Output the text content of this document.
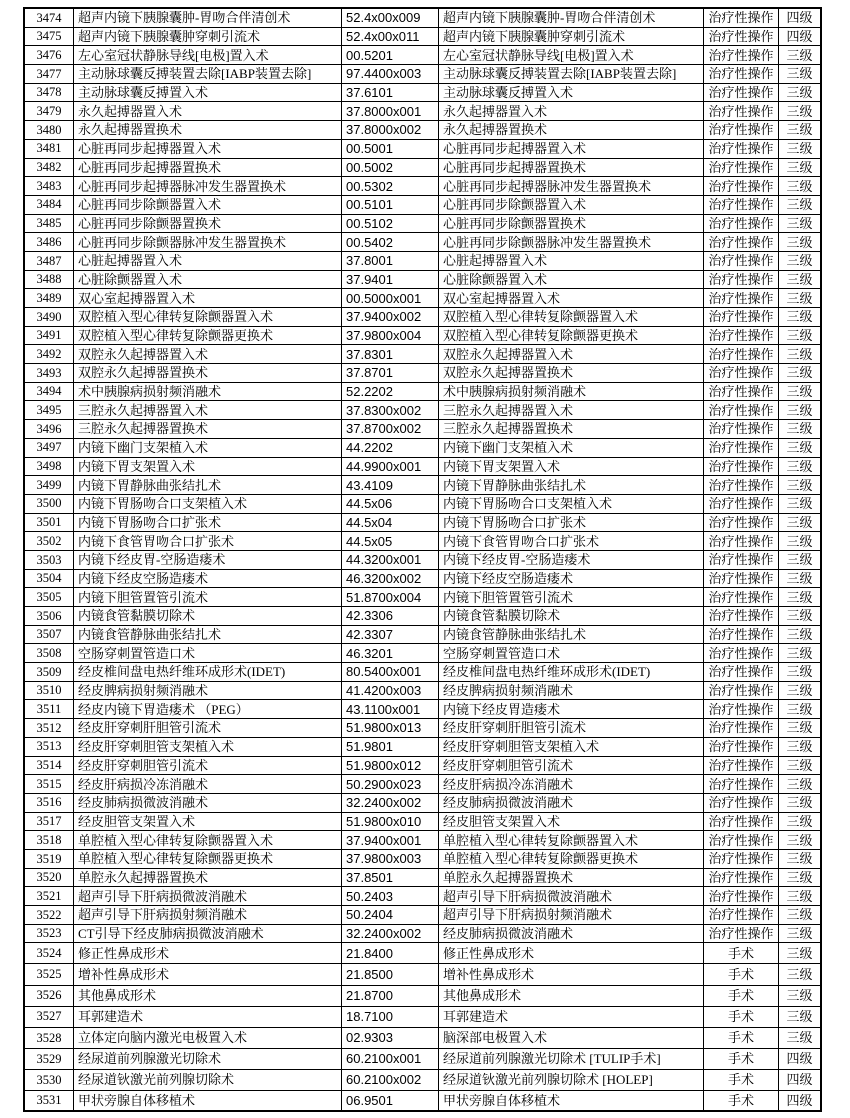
3474	超声内镜下胰腺囊肿-胃吻合伴清创术	52.4x00x009	超声内镜下胰腺囊肿-胃吻合伴清创术	治疗性操作 四级
3475	超声内镜下胰腺囊肿穿刺引流术	52.4x00x011	超声内镜下胰腺囊肿穿刺引流术	治疗性操作 四级
3476	左心室冠状静脉导线[电极]置入术	00.5201	左心室冠状静脉导线[电极]置入术	治疗性操作 三级
3477	主动脉球囊反搏装置去除[IABP装置去除]	97.4400x003	主动脉球囊反搏装置去除[IABP装置去除]	治疗性操作 三级
3478	主动脉球囊反搏置入术	37.6101	主动脉球囊反搏置入术	治疗性操作 三级
3479	永久起搏器置入术	37.8000x001	永久起搏器置入术	治疗性操作 三级
3480	永久起搏器置换术	37.8000x002	永久起搏器置换术	治疗性操作 三级
3481	心脏再同步起搏器置入术	00.5001	心脏再同步起搏器置入术	治疗性操作 三级
3482	心脏再同步起搏器置换术	00.5002	心脏再同步起搏器置换术	治疗性操作 三级
3483	心脏再同步起搏器脉冲发生器置换术	00.5302	心脏再同步起搏器脉冲发生器置换术	治疗性操作 三级
3484	心脏再同步除颤器置入术	00.5101	心脏再同步除颤器置入术	治疗性操作 三级
3485	心脏再同步除颤器置换术	00.5102	心脏再同步除颤器置换术	治疗性操作 三级
3486	心脏再同步除颤器脉冲发生器置换术	00.5402	心脏再同步除颤器脉冲发生器置换术	治疗性操作 三级
3487	心脏起搏器置入术	37.8001	心脏起搏器置入术	治疗性操作 三级
3488	心脏除颤器置入术	37.9401	心脏除颤器置入术	治疗性操作 三级
3489	双心室起搏器置入术	00.5000x001	双心室起搏器置入术	治疗性操作 三级
3490	双腔植入型心律转复除颤器置入术	37.9400x002	双腔植入型心律转复除颤器置入术	治疗性操作 三级
3491	双腔植入型心律转复除颤器更换术	37.9800x004	双腔植入型心律转复除颤器更换术	治疗性操作 三级
3492	双腔永久起搏器置入术	37.8301	双腔永久起搏器置入术	治疗性操作 三级
3493	双腔永久起搏器置换术	37.8701	双腔永久起搏器置换术	治疗性操作 三级
3494	术中胰腺病损射频消融术	52.2202	术中胰腺病损射频消融术	治疗性操作 三级
3495	三腔永久起搏器置入术	37.8300x002	三腔永久起搏器置入术	治疗性操作 三级
3496	三腔永久起搏器置换术	37.8700x002	三腔永久起搏器置换术	治疗性操作 三级
3497	内镜下幽门支架植入术	44.2202	内镜下幽门支架植入术	治疗性操作 三级
3498	内镜下胃支架置入术	44.9900x001	内镜下胃支架置入术	治疗性操作 三级
3499	内镜下胃静脉曲张结扎术	43.4109	内镜下胃静脉曲张结扎术	治疗性操作 三级
3500	内镜下胃肠吻合口支架植入术	44.5x06	内镜下胃肠吻合口支架植入术	治疗性操作 三级
3501	内镜下胃肠吻合口扩张术	44.5x04	内镜下胃肠吻合口扩张术	治疗性操作 三级
3502	内镜下食管胃吻合口扩张术	44.5x05	内镜下食管胃吻合口扩张术	治疗性操作 三级
3503	内镜下经皮胃-空肠造瘘术	44.3200x001	内镜下经皮胃-空肠造瘘术	治疗性操作 三级
3504	内镜下经皮空肠造瘘术	46.3200x002	内镜下经皮空肠造瘘术	治疗性操作 三级
3505	内镜下胆管置管引流术	51.8700x004	内镜下胆管置管引流术	治疗性操作 三级
3506	内镜食管黏膜切除术	42.3306	内镜食管黏膜切除术	治疗性操作 三级
3507	内镜食管静脉曲张结扎术	42.3307	内镜食管静脉曲张结扎术	治疗性操作 三级
3508	空肠穿刺置管造口术	46.3201	空肠穿刺置管造口术	治疗性操作 三级
3509	经皮椎间盘电热纤维环成形术(IDET)	80.5400x001	经皮椎间盘电热纤维环成形术(IDET)	治疗性操作 三级
3510	经皮脾病损射频消融术	41.4200x003	经皮脾病损射频消融术	治疗性操作 三级
3511	经皮内镜下胃造瘘术 （PEG）	43.1100x001	内镜下经皮胃造瘘术	治疗性操作 三级
3512	经皮肝穿刺肝胆管引流术	51.9800x013	经皮肝穿刺肝胆管引流术	治疗性操作 三级
3513	经皮肝穿刺胆管支架植入术	51.9801	经皮肝穿刺胆管支架植入术	治疗性操作 三级
3514	经皮肝穿刺胆管引流术	51.9800x012	经皮肝穿刺胆管引流术	治疗性操作 三级
3515	经皮肝病损冷冻消融术	50.2900x023	经皮肝病损冷冻消融术	治疗性操作 三级
3516	经皮肺病损微波消融术	32.2400x002	经皮肺病损微波消融术	治疗性操作 三级
3517	经皮胆管支架置入术	51.9800x010	经皮胆管支架置入术	治疗性操作 三级
3518	单腔植入型心律转复除颤器置入术	37.9400x001	单腔植入型心律转复除颤器置入术	治疗性操作 三级
3519	单腔植入型心律转复除颤器更换术	37.9800x003	单腔植入型心律转复除颤器更换术	治疗性操作 三级
3520	单腔永久起搏器置换术	37.8501	单腔永久起搏器置换术	治疗性操作 三级
3521	超声引导下肝病损微波消融术	50.2403	超声引导下肝病损微波消融术	治疗性操作 三级
3522	超声引导下肝病损射频消融术	50.2404	超声引导下肝病损射频消融术	治疗性操作 三级
3523	CT引导下经皮肺病损微波消融术	32.2400x002	经皮肺病损微波消融术	治疗性操作 三级
3524	修正性鼻成形术	21.8400	修正性鼻成形术	手术	三级
3525	增补性鼻成形术	21.8500	增补性鼻成形术	手术	三级
3526	其他鼻成形术	21.8700	其他鼻成形术	手术	三级
3527	耳郭建造术	18.7100	耳郭建造术	手术	三级
3528	立体定向脑内激光电极置入术	02.9303	脑深部电极置入术	手术	三级
3529	经尿道前列腺激光切除术	60.2100x001	经尿道前列腺激光切除术 [TULIP手术]	手术	四级
3530	经尿道钬激光前列腺切除术	60.2100x002	经尿道钬激光前列腺切除术 [HOLEP]	手术	四级
3531	甲状旁腺自体移植术	06.9501	甲状旁腺自体移植术	手术	四级
